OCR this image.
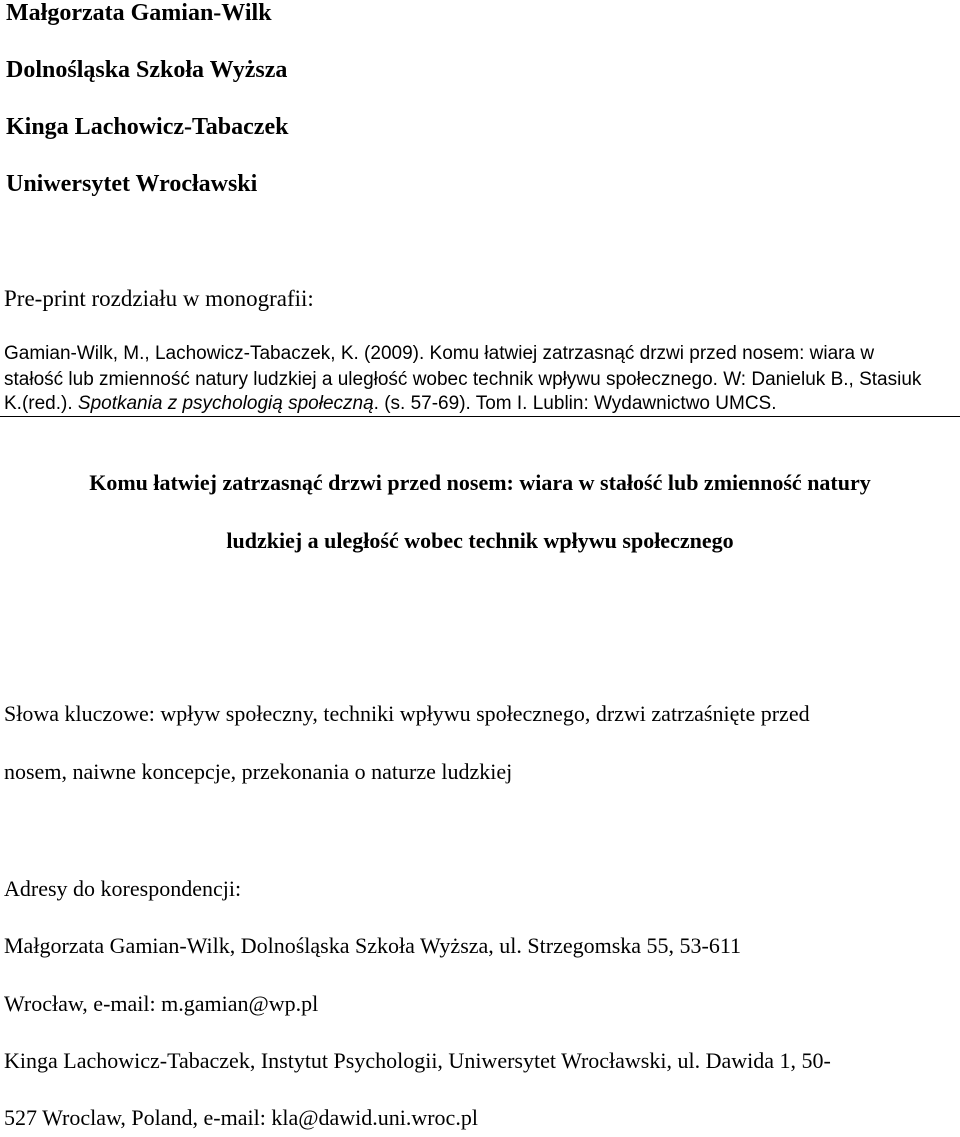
Małgorzata Gamian-Wilk

Dolnośląska Szkoła Wyższa

Kinga Lachowicz-Tabaczek

Uniwersytet Wrocławski

Pre-print rozdziału w monografii:

Gamian-Wilk, M., Lachowicz-Tabaczek, K. (2009). Komu łatwiej zatrzasnąć drzwi przed nosem: wiara w

stałość lub zmienność natury ludzkiej a uległość wobec technik wpływu społecznego. W: Danieluk B., Stasiuk

K.(red.). Spotkania z psychologią społeczną. (s. 57-69). Tom I. Lublin: Wydawnictwo UMCS.

Komu łatwiej zatrzasnąć drzwi przed nosem: wiara w stałość lub zmienność natury

ludzkiej a uległość wobec technik wpływu społecznego

Słowa kluczowe: wpływ społeczny, techniki wpływu społecznego, drzwi zatrzaśnięte przed

nosem, naiwne koncepcje, przekonania o naturze ludzkiej

Adresy do korespondencji:

Małgorzata Gamian-Wilk, Dolnośląska Szkoła Wyższa, ul. Strzegomska 55, 53-611

Wrocław, e-mail: m.gamian@wp.pl

Kinga Lachowicz-Tabaczek, Instytut Psychologii, Uniwersytet Wrocławski, ul. Dawida 1, 50-

527 Wroclaw, Poland, e-mail: kla@dawid.uni.wroc.pl
